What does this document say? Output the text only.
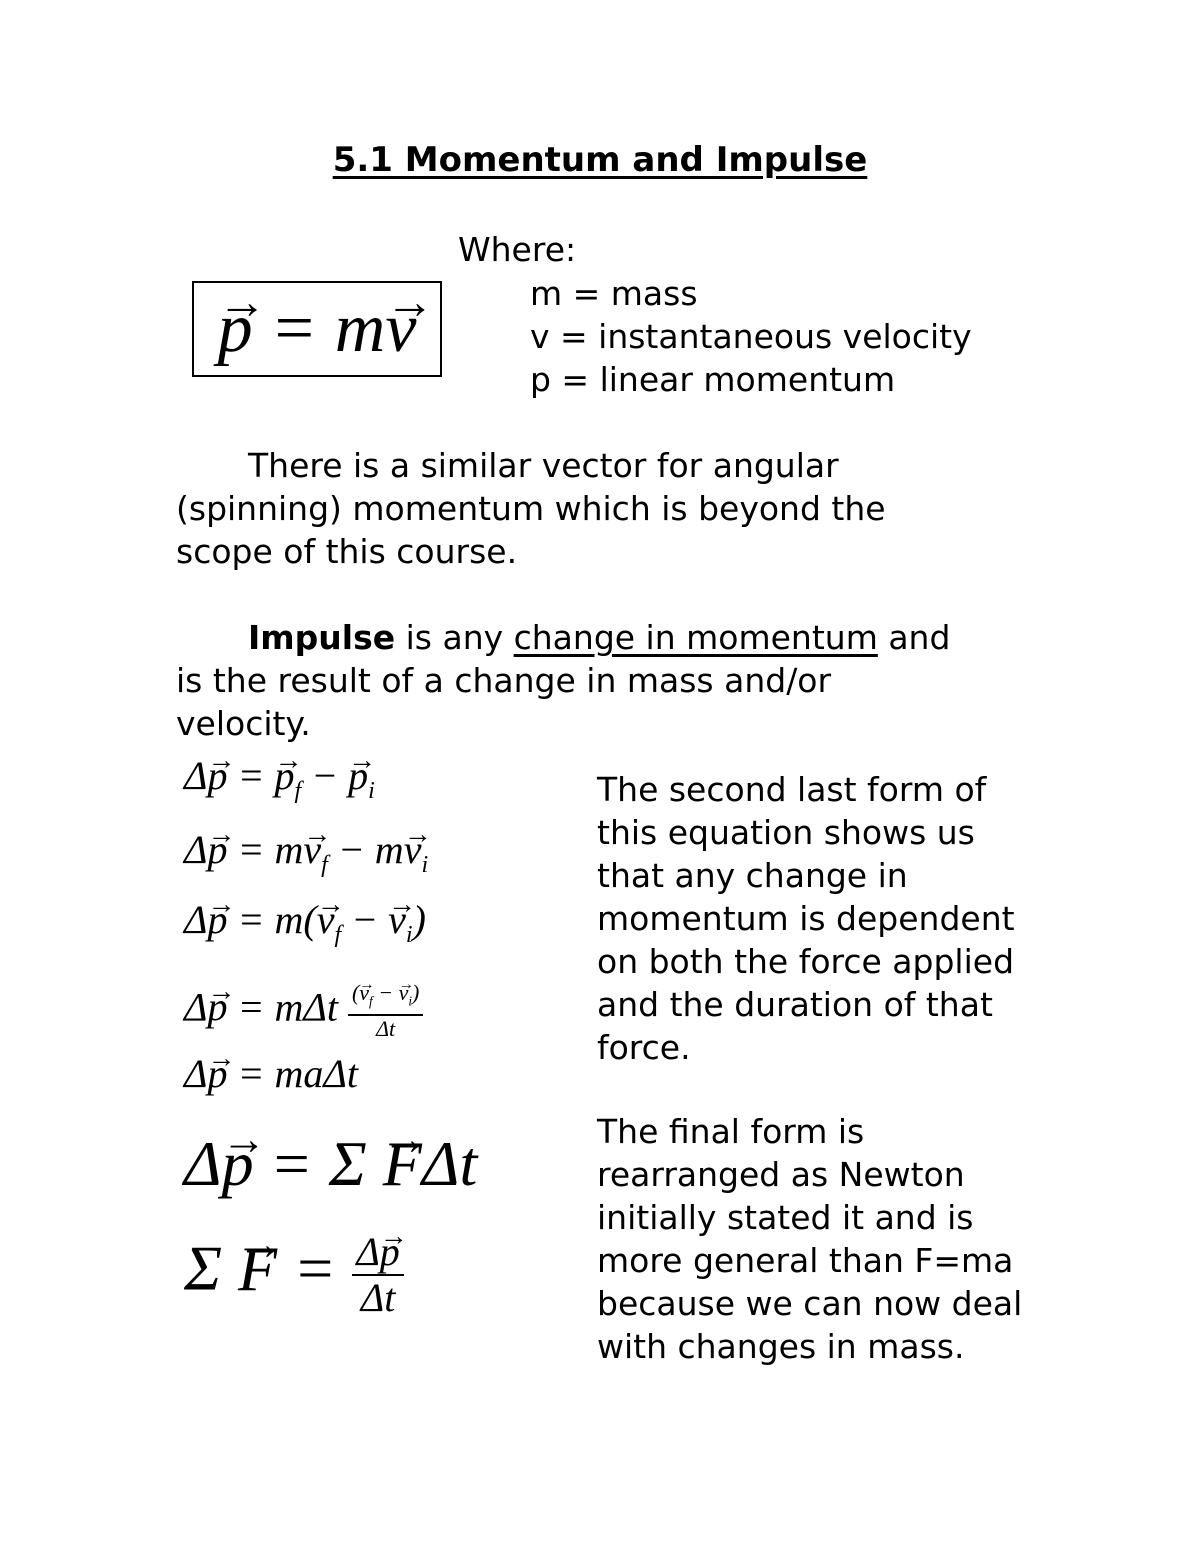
5.1 Momentum and Impulse
→ p = m→ v
Where:
m = mass
v = instantaneous velocity
p = linear momentum
There is a similar vector for angular
(spinning) momentum which is beyond the
scope of this course.
Impulse is any change in momentum and
is the result of a change in mass and/or
velocity.
Δ→ p = → $p_f$ − → $p_i$
$\Delta\to p = m\to v_f - m\to v_i$
$\Delta\to p = m(\to v_f$ − → $v_i$)
Δ→ p = mΔt $\frac{(\to v_f - \to v_i)}{\Delta t}$
Δ→ p = maΔt
Δ→ p = Σ → FΔt
$\Sigma \to F = \frac{\Delta\to p}{\Delta t}$
The second last form of
this equation shows us
that any change in
momentum is dependent
on both the force applied
and the duration of that
force.
The final form is
rearranged as Newton
initially stated it and is
more general than F=ma
because we can now deal
with changes in mass.
